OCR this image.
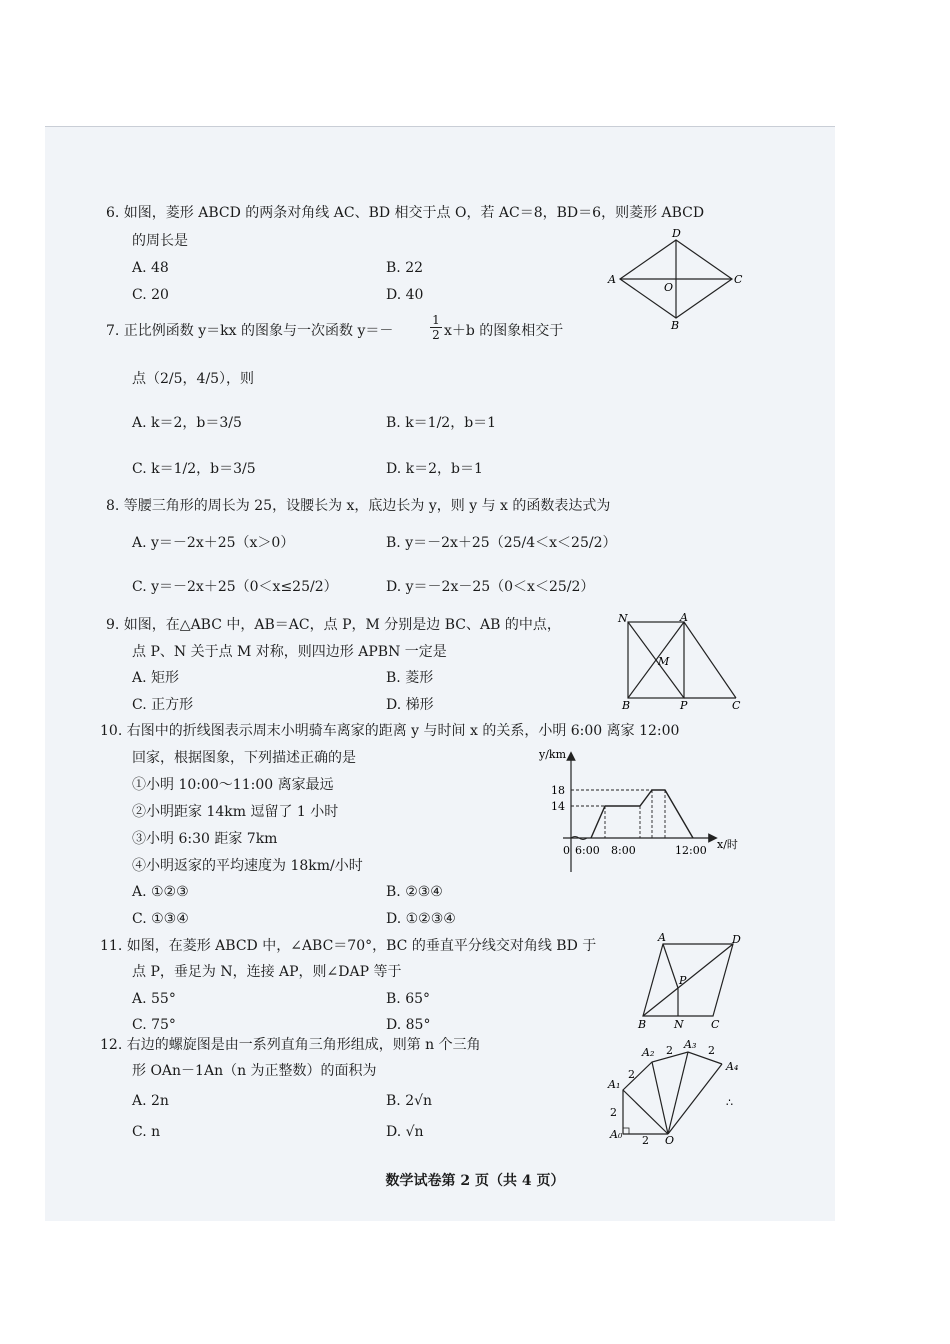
6. 如图，菱形 ABCD 的两条对角线 AC、BD 相交于点 O，若 AC＝8，BD＝6，则菱形 ABCD
的周长是
A. 48	B. 22
C. 20	D. 40
D
A
O
C
B
7. 正比例函数 y＝kx 的图象与一次函数 y＝－	$\frac{1}{2} x+b$ 的图象相交于
点（2/5，4/5），则
A. k＝2，b＝3/5	B. k＝1/2，b＝1
C. k＝1/2，b＝3/5	D. k＝2，b＝1
8. 等腰三角形的周长为 25，设腰长为 x，底边长为 y，则 y 与 x 的函数表达式为
A. y＝－2x＋25（x＞0）	B. y＝－2x＋25（25/4＜x＜25/2）
C. y＝－2x＋25（0＜x≤25/2）	D. y＝－2x－25（0＜x＜25/2）
9. 如图，在△ABC 中，AB＝AC，点 P，M 分别是边 BC、AB 的中点，
点 P、N 关于点 M 对称，则四边形 APBN 一定是
A. 矩形	B. 菱形
C. 正方形	D. 梯形
N	A
M
B	P	C
10. 右图中的折线图表示周末小明骑车离家的距离 y 与时间 x 的关系，小明 6:00 离家 12:00
回家，根据图象，下列描述正确的是
①小明 10:00～11:00 离家最远
②小明距家 14km 逗留了 1 小时
③小明 6:30 距家 7km
④小明返家的平均速度为 18km/小时
A. ①②③	B. ②③④
C. ①③④	D. ①②③④
y/km
x/时
18
14
0 6:00 8:00	12:00
11. 如图，在菱形 ABCD 中，∠ABC＝70°，BC 的垂直平分线交对角线 BD 于
点 P，垂足为 N，连接 AP，则∠DAP 等于
A. 55°	B. 65°
C. 75°	D. 85°
A	D
P
B	N C
12. 右边的螺旋图是由一系列直角三角形组成，则第 n 个三角
形 OAn－1An（n 为正整数）的面积为
A. 2n	B. 2√n
C. n	D. √n	A₀
A₁
A₂
A₃
A₄
O
2
2
2
2	2
∴
数学试卷第 2 页（共 4 页）
